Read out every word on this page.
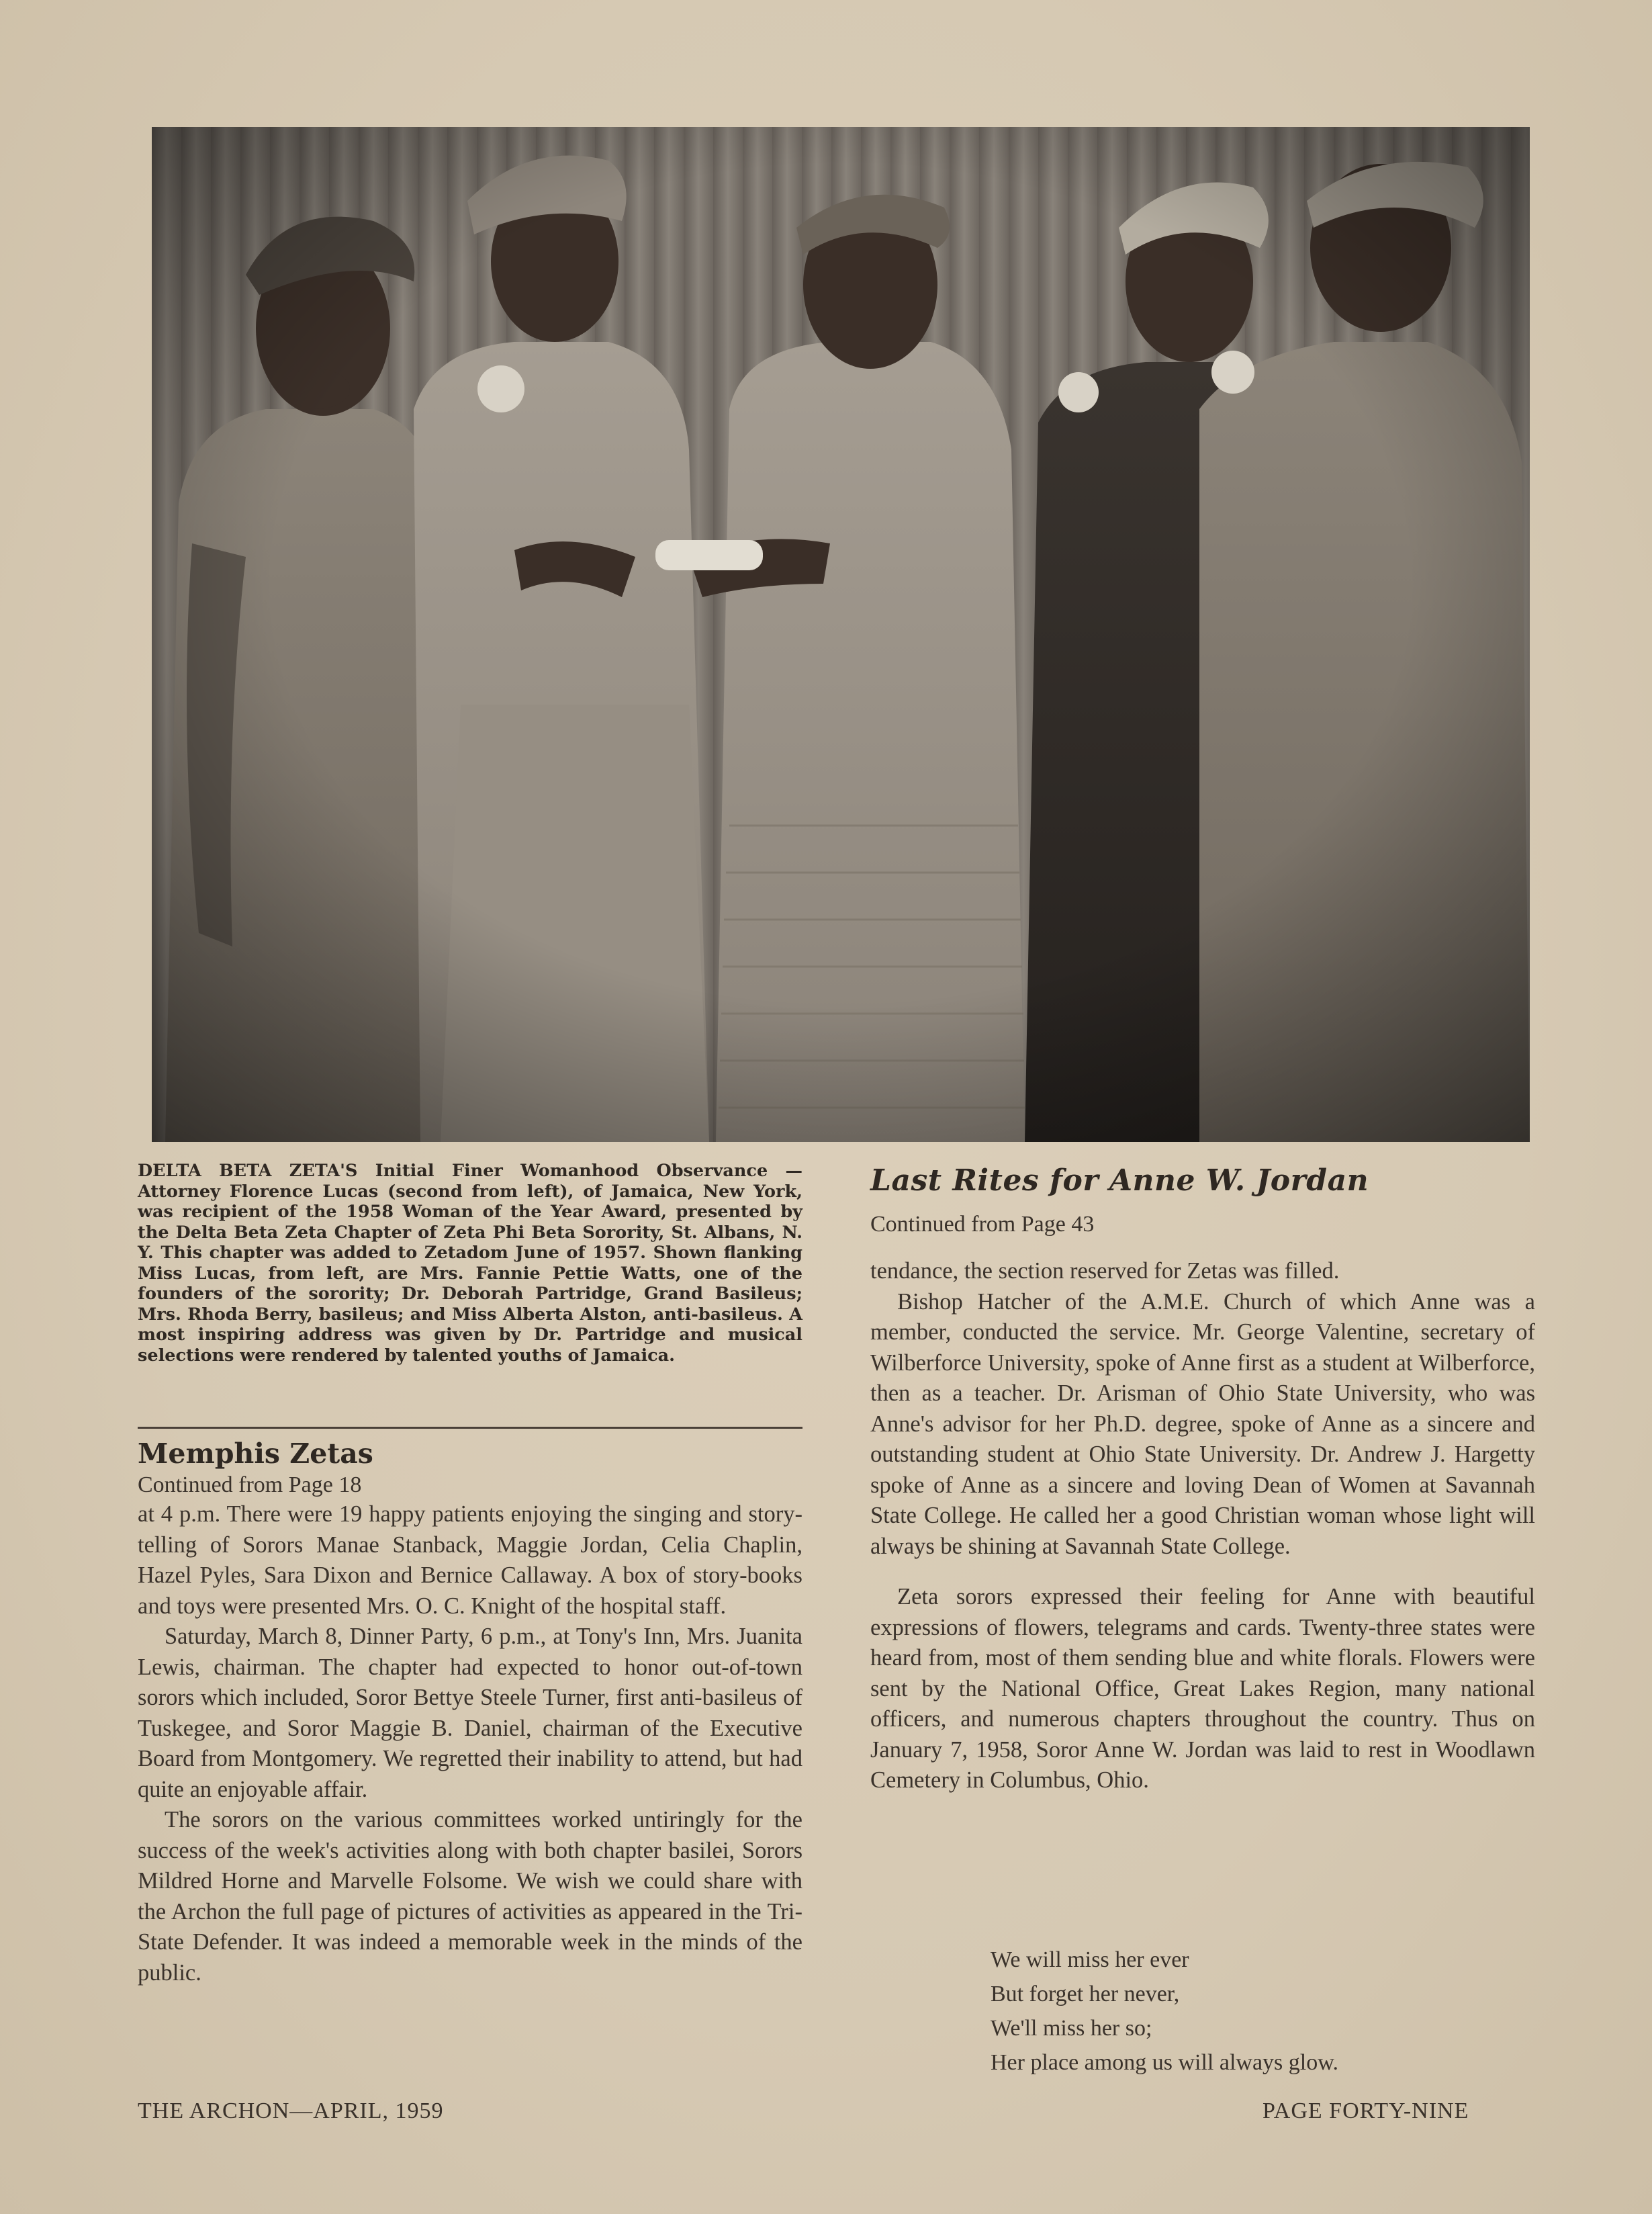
DELTA BETA ZETA'S Initial Finer Womanhood Observance —Attorney Florence Lucas (second from left), of Jamaica, New York, was recipient of the 1958 Woman of the Year Award, presented by the Delta Beta Zeta Chapter of Zeta Phi Beta Sorority, St. Albans, N. Y. This chapter was added to Zetadom June of 1957. Shown flanking Miss Lucas, from left, are Mrs. Fannie Pettie Watts, one of the founders of the sorority; Dr. Deborah Partridge, Grand Basileus; Mrs. Rhoda Berry, basileus; and Miss Alberta Alston, anti-basileus. A most inspiring address was given by Dr. Partridge and musical selections were rendered by talented youths of Jamaica.
Memphis Zetas

Continued from Page 18

at 4 p.m. There were 19 happy patients enjoying the singing and story-telling of Sorors Manae Stanback, Maggie Jordan, Celia Chaplin, Hazel Pyles, Sara Dixon and Bernice Callaway. A box of story-books and toys were presented Mrs. O. C. Knight of the hospital staff.

Saturday, March 8, Dinner Party, 6 p.m., at Tony's Inn, Mrs. Juanita Lewis, chairman. The chapter had expected to honor out-of-town sorors which included, Soror Bettye Steele Turner, first anti-basileus of Tuskegee, and Soror Maggie B. Daniel, chairman of the Executive Board from Montgomery. We regretted their inability to attend, but had quite an enjoyable affair.

The sorors on the various committees worked untiringly for the success of the week's activities along with both chapter basilei, Sorors Mildred Horne and Marvelle Folsome. We wish we could share with the Archon the full page of pictures of activities as appeared in the Tri-State Defender. It was indeed a memorable week in the minds of the public.

Last Rites for Anne W. Jordan

Continued from Page 43

tendance, the section reserved for Zetas was filled.

Bishop Hatcher of the A.M.E. Church of which Anne was a member, conducted the service. Mr. George Valentine, secretary of Wilberforce University, spoke of Anne first as a student at Wilberforce, then as a teacher. Dr. Arisman of Ohio State University, who was Anne's advisor for her Ph.D. degree, spoke of Anne as a sincere and outstanding student at Ohio State University. Dr. Andrew J. Hargetty spoke of Anne as a sincere and loving Dean of Women at Savannah State College. He called her a good Christian woman whose light will always be shining at Savannah State College.

Zeta sorors expressed their feeling for Anne with beautiful expressions of flowers, telegrams and cards. Twenty-three states were heard from, most of them sending blue and white florals. Flowers were sent by the National Office, Great Lakes Region, many national officers, and numerous chapters throughout the country. Thus on January 7, 1958, Soror Anne W. Jordan was laid to rest in Woodlawn Cemetery in Columbus, Ohio.

We will miss her ever
But forget her never,
We'll miss her so;
Her place among us will always glow.
THE ARCHON—APRIL, 1959	PAGE FORTY-NINE
